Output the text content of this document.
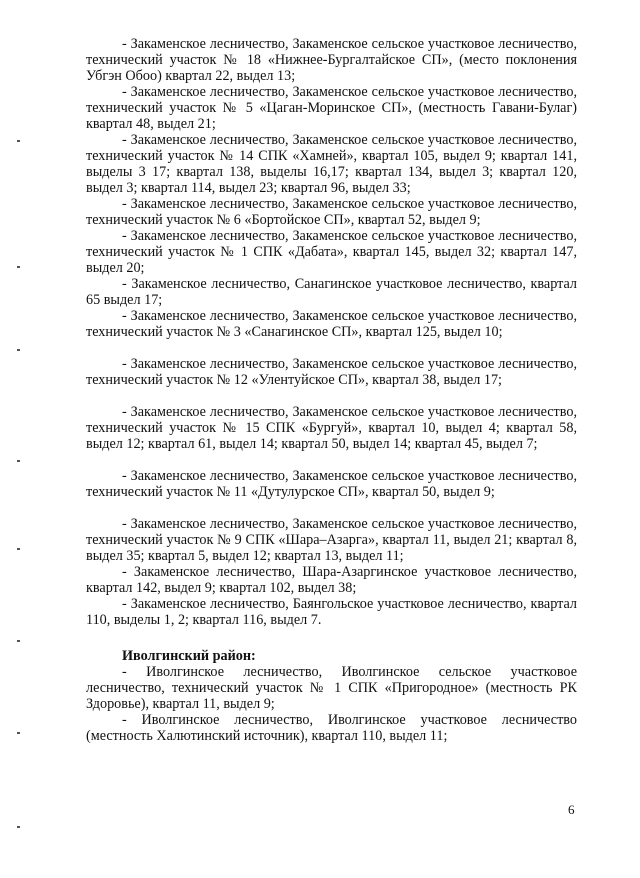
- Закаменское лесничество, Закаменское сельское участковое лесничество, технический участок № 18 «Нижнее-Бургалтайское СП», (место поклонения Убгэн Обоо) квартал 22, выдел 13;

- Закаменское лесничество, Закаменское сельское участковое лесничество, технический участок № 5 «Цаган-Моринское СП», (местность Гавани-Булаг) квартал 48, выдел 21;

- Закаменское лесничество, Закаменское сельское участковое лесничество, технический участок № 14 СПК «Хамней», квартал 105, выдел 9; квартал 141, выделы 3 17; квартал 138, выделы 16,17; квартал 134, выдел 3; квартал 120, выдел 3; квартал 114, выдел 23; квартал 96, выдел 33;

- Закаменское лесничество, Закаменское сельское участковое лесничество, технический участок № 6 «Бортойское СП», квартал 52, выдел 9;

- Закаменское лесничество, Закаменское сельское участковое лесничество, технический участок № 1 СПК «Дабата», квартал 145, выдел 32; квартал 147, выдел 20;

- Закаменское лесничество, Санагинское участковое лесничество, квартал 65 выдел 17;

- Закаменское лесничество, Закаменское сельское участковое лесничество, технический участок № 3 «Санагинское СП», квартал 125, выдел 10;

- Закаменское лесничество, Закаменское сельское участковое лесничество, технический участок № 12 «Улентуйское СП», квартал 38, выдел 17;

- Закаменское лесничество, Закаменское сельское участковое лесничество, технический участок № 15 СПК «Бургуй», квартал 10, выдел 4; квартал 58, выдел 12; квартал 61, выдел 14; квартал 50, выдел 14; квартал 45, выдел 7;

- Закаменское лесничество, Закаменское сельское участковое лесничество, технический участок № 11 «Дутулурское СП», квартал 50, выдел 9;

- Закаменское лесничество, Закаменское сельское участковое лесничество, технический участок № 9 СПК «Шара–Азарга», квартал 11, выдел 21; квартал 8, выдел 35; квартал 5, выдел 12; квартал 13, выдел 11;

- Закаменское лесничество, Шара-Азаргинское участковое лесничество, квартал 142, выдел 9; квартал 102, выдел 38;

- Закаменское лесничество, Баянгольское участковое лесничество, квартал 110, выделы 1, 2; квартал 116, выдел 7.

Иволгинский район:

- Иволгинское лесничество, Иволгинское сельское участковое лесничество, технический участок № 1 СПК «Пригородное» (местность РК Здоровье), квартал 11, выдел 9;

- Иволгинское лесничество, Иволгинское участковое лесничество (местность Халютинский источник), квартал 110, выдел 11;

6
